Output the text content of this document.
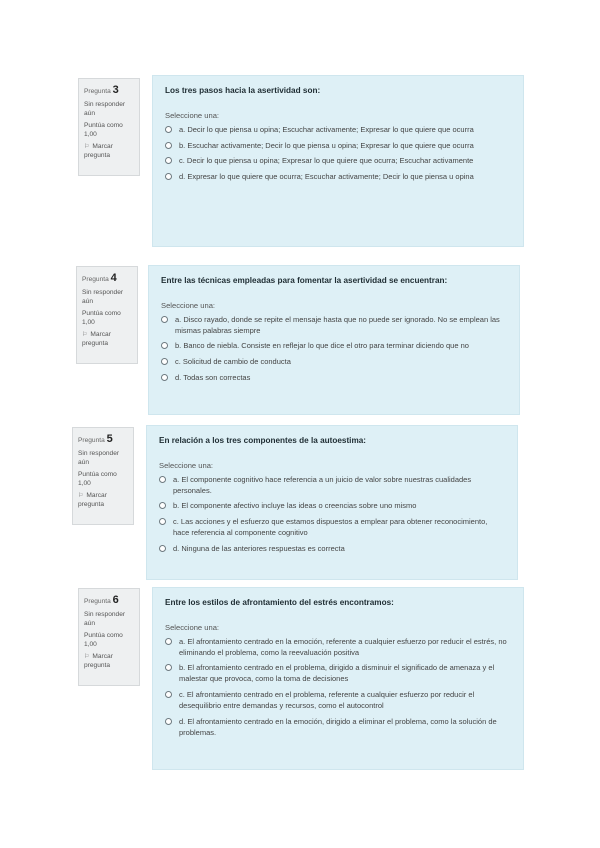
Pregunta 3
Sin responder aún
Puntúa como 1,00
⚐ Marcar pregunta
Los tres pasos hacia la asertividad son:
Seleccione una:
a. Decir lo que piensa u opina; Escuchar activamente; Expresar lo que quiere que ocurra
b. Escuchar activamente; Decir lo que piensa u opina; Expresar lo que quiere que ocurra
c. Decir lo que piensa u opina; Expresar lo que quiere que ocurra; Escuchar activamente
d. Expresar lo que quiere que ocurra; Escuchar activamente; Decir lo que piensa u opina
Pregunta 4
Sin responder aún
Puntúa como 1,00
⚐ Marcar pregunta
Entre las técnicas empleadas para fomentar la asertividad se encuentran:
Seleccione una:
a. Disco rayado, donde se repite el mensaje hasta que no puede ser ignorado. No se emplean las mismas palabras siempre
b. Banco de niebla. Consiste en reflejar lo que dice el otro para terminar diciendo que no
c. Solicitud de cambio de conducta
d. Todas son correctas
Pregunta 5
Sin responder aún
Puntúa como 1,00
⚐ Marcar pregunta
En relación a los tres componentes de la autoestima:
Seleccione una:
a. El componente cognitivo hace referencia a un juicio de valor sobre nuestras cualidades personales.
b. El componente afectivo incluye las ideas o creencias sobre uno mismo
c. Las acciones y el esfuerzo que estamos dispuestos a emplear para obtener reconocimiento, hace referencia al componente cognitivo
d. Ninguna de las anteriores respuestas es correcta
Pregunta 6
Sin responder aún
Puntúa como 1,00
⚐ Marcar pregunta
Entre los estilos de afrontamiento del estrés encontramos:
Seleccione una:
a. El afrontamiento centrado en la emoción, referente a cualquier esfuerzo por reducir el estrés, no eliminando el problema, como la reevaluación positiva
b. El afrontamiento centrado en el problema, dirigido a disminuir el significado de amenaza y el malestar que provoca, como la toma de decisiones
c. El afrontamiento centrado en el problema, referente a cualquier esfuerzo por reducir el desequilibrio entre demandas y recursos, como el autocontrol
d. El afrontamiento centrado en la emoción, dirigido a eliminar el problema, como la solución de problemas.
